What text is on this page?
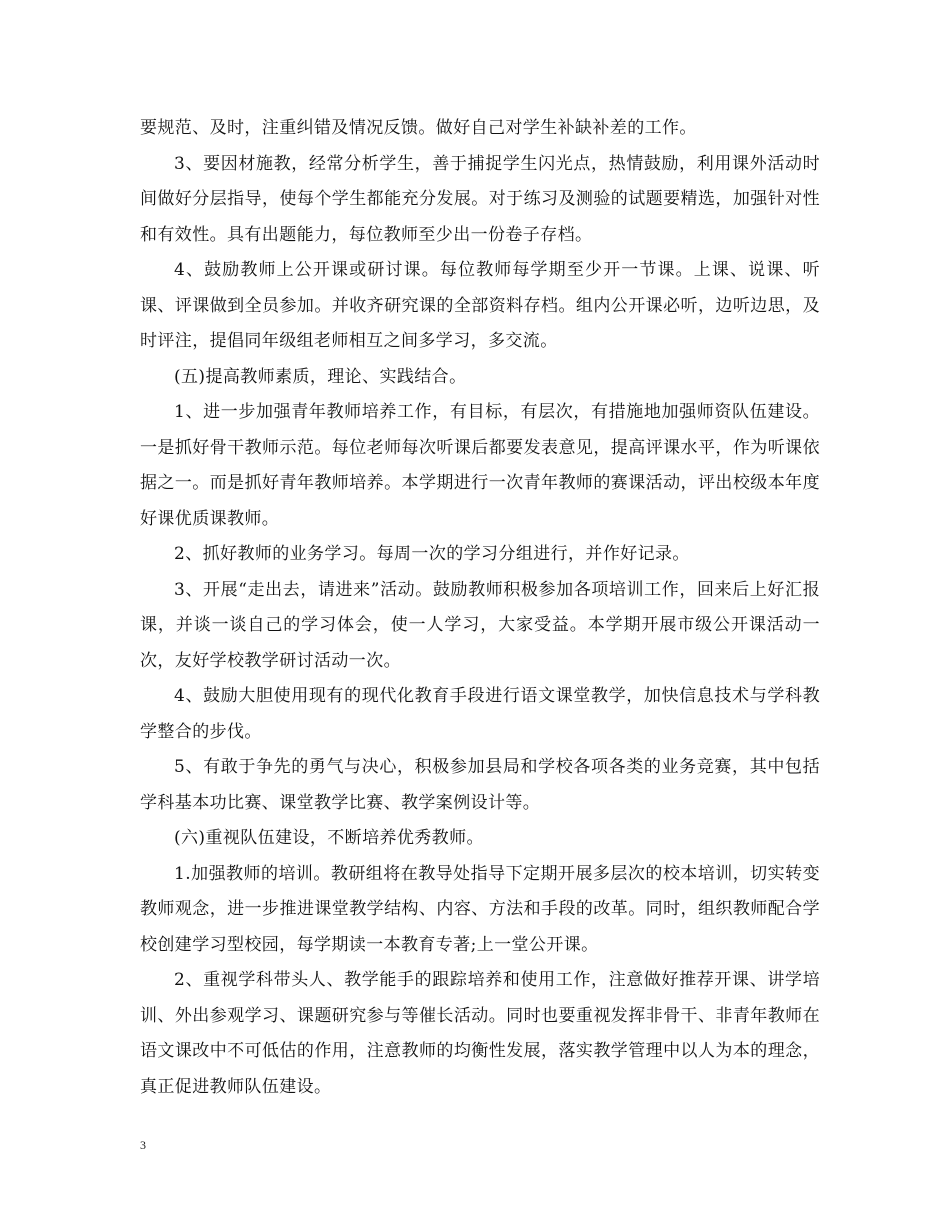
要规范、及时，注重纠错及情况反馈。做好自己对学生补缺补差的工作。

3、要因材施教，经常分析学生，善于捕捉学生闪光点，热情鼓励，利用课外活动时间做好分层指导，使每个学生都能充分发展。对于练习及测验的试题要精选，加强针对性和有效性。具有出题能力，每位教师至少出一份卷子存档。

4、鼓励教师上公开课或研讨课。每位教师每学期至少开一节课。上课、说课、听课、评课做到全员参加。并收齐研究课的全部资料存档。组内公开课必听，边听边思，及时评注，提倡同年级组老师相互之间多学习，多交流。

(五)提高教师素质，理论、实践结合。

1、进一步加强青年教师培养工作，有目标，有层次，有措施地加强师资队伍建设。一是抓好骨干教师示范。每位老师每次听课后都要发表意见，提高评课水平，作为听课依据之一。而是抓好青年教师培养。本学期进行一次青年教师的赛课活动，评出校级本年度好课优质课教师。

2、抓好教师的业务学习。每周一次的学习分组进行，并作好记录。

3、开展“走出去，请进来”活动。鼓励教师积极参加各项培训工作，回来后上好汇报课，并谈一谈自己的学习体会，使一人学习，大家受益。本学期开展市级公开课活动一次，友好学校教学研讨活动一次。

4、鼓励大胆使用现有的现代化教育手段进行语文课堂教学，加快信息技术与学科教学整合的步伐。

5、有敢于争先的勇气与决心，积极参加县局和学校各项各类的业务竞赛，其中包括学科基本功比赛、课堂教学比赛、教学案例设计等。

(六)重视队伍建设，不断培养优秀教师。

1.加强教师的培训。教研组将在教导处指导下定期开展多层次的校本培训，切实转变教师观念，进一步推进课堂教学结构、内容、方法和手段的改革。同时，组织教师配合学校创建学习型校园，每学期读一本教育专著;上一堂公开课。

2、重视学科带头人、教学能手的跟踪培养和使用工作，注意做好推荐开课、讲学培训、外出参观学习、课题研究参与等催长活动。同时也要重视发挥非骨干、非青年教师在语文课改中不可低估的作用，注意教师的均衡性发展，落实教学管理中以人为本的理念，真正促进教师队伍建设。

3
